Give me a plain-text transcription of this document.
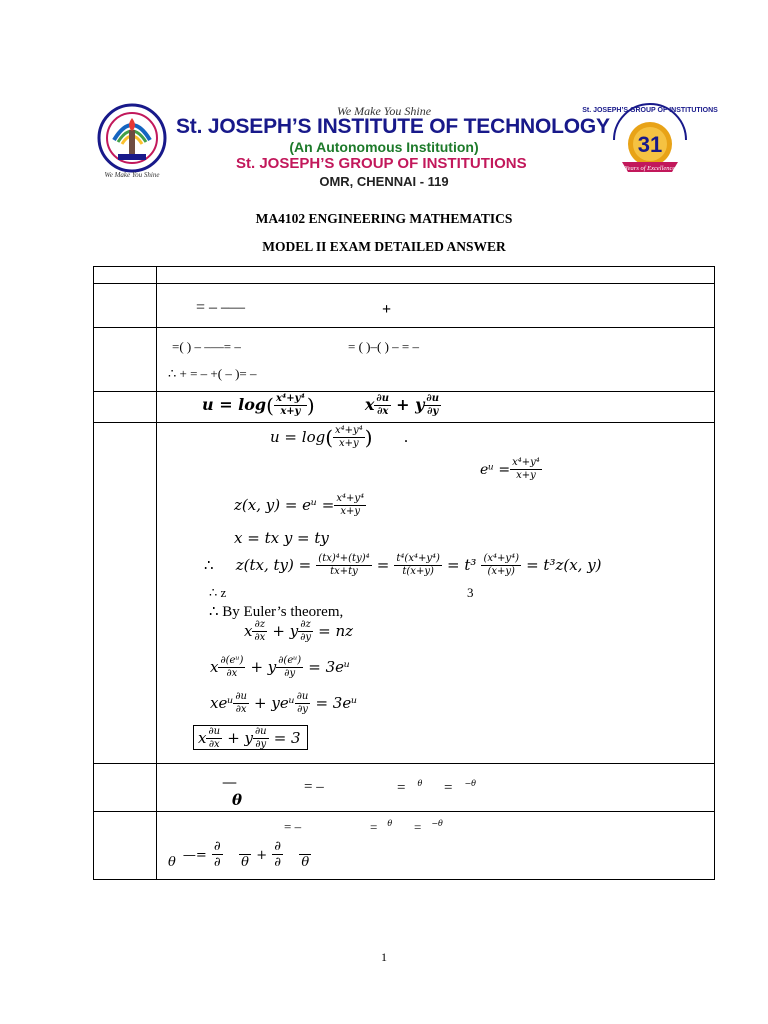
We Make You Shine
We Make You Shine
St. JOSEPH’S INSTITUTE OF TECHNOLOGY
(An Autonomous Institution)
St. JOSEPH’S GROUP OF INSTITUTIONS
OMR, CHENNAI - 119
St. JOSEPH’S GROUP OF INSTITUTIONS
31
Years of Excellence
MA4102 ENGINEERING MATHEMATICS
MODEL II EXAM DETAILED ANSWER
= – –—	+
=( ) – –—= –	= ( )–( ) – = –
∴ + = – +( – )= –
$u = \log( \frac{\text{x⁴+y⁴}}{x+y}$ )	x $\frac{\partial u}{\partial x} + y \frac{\partial u}{\partial y}$
$u = \log( \frac{\text{x⁴+y⁴}}{x+y}$ ) .
eᵘ = $\frac{\text{x⁴+y⁴}}{x+y}$
z(x, y) = eᵘ = $\frac{\text{x⁴+y⁴}}{x+y}$
x = tx y = ty
∴ z(tx, $ty) = \frac{\text{(tx)⁴+(ty)⁴}}{tx+ty} = \frac{\text{t⁴(x⁴+y⁴)}}{t(x+y)} = t^3 \frac{\text{(x⁴+y⁴)}}{(x+y)} = t^3z(x$, y)
∴ z	3
∴ By Euler’s theorem,
x $\frac{\partial z}{\partial x} + y \frac{\partial z}{\partial y}$ = nz
x $\frac{\text{∂(eᵘ)}}{\partial x} + y \frac{\text{∂(eᵘ)}}{\partial y}$ = 3eᵘ
xeᵘ $\frac{\partial u}{\partial x}$ + yeᵘ $\frac{\partial u}{\partial y}$ = 3eᵘ
x $\frac{\partial u}{\partial x} + y \frac{\partial u}{\partial y} = 3$
—
θ
= –	= $^\theta$ = $^{-\theta}$
= –	= $^\theta$ = $^{-\theta}$

θ —= $\frac{\partial}{\partial}$

$\theta + \frac{\partial}{\partial}$

θ
1
